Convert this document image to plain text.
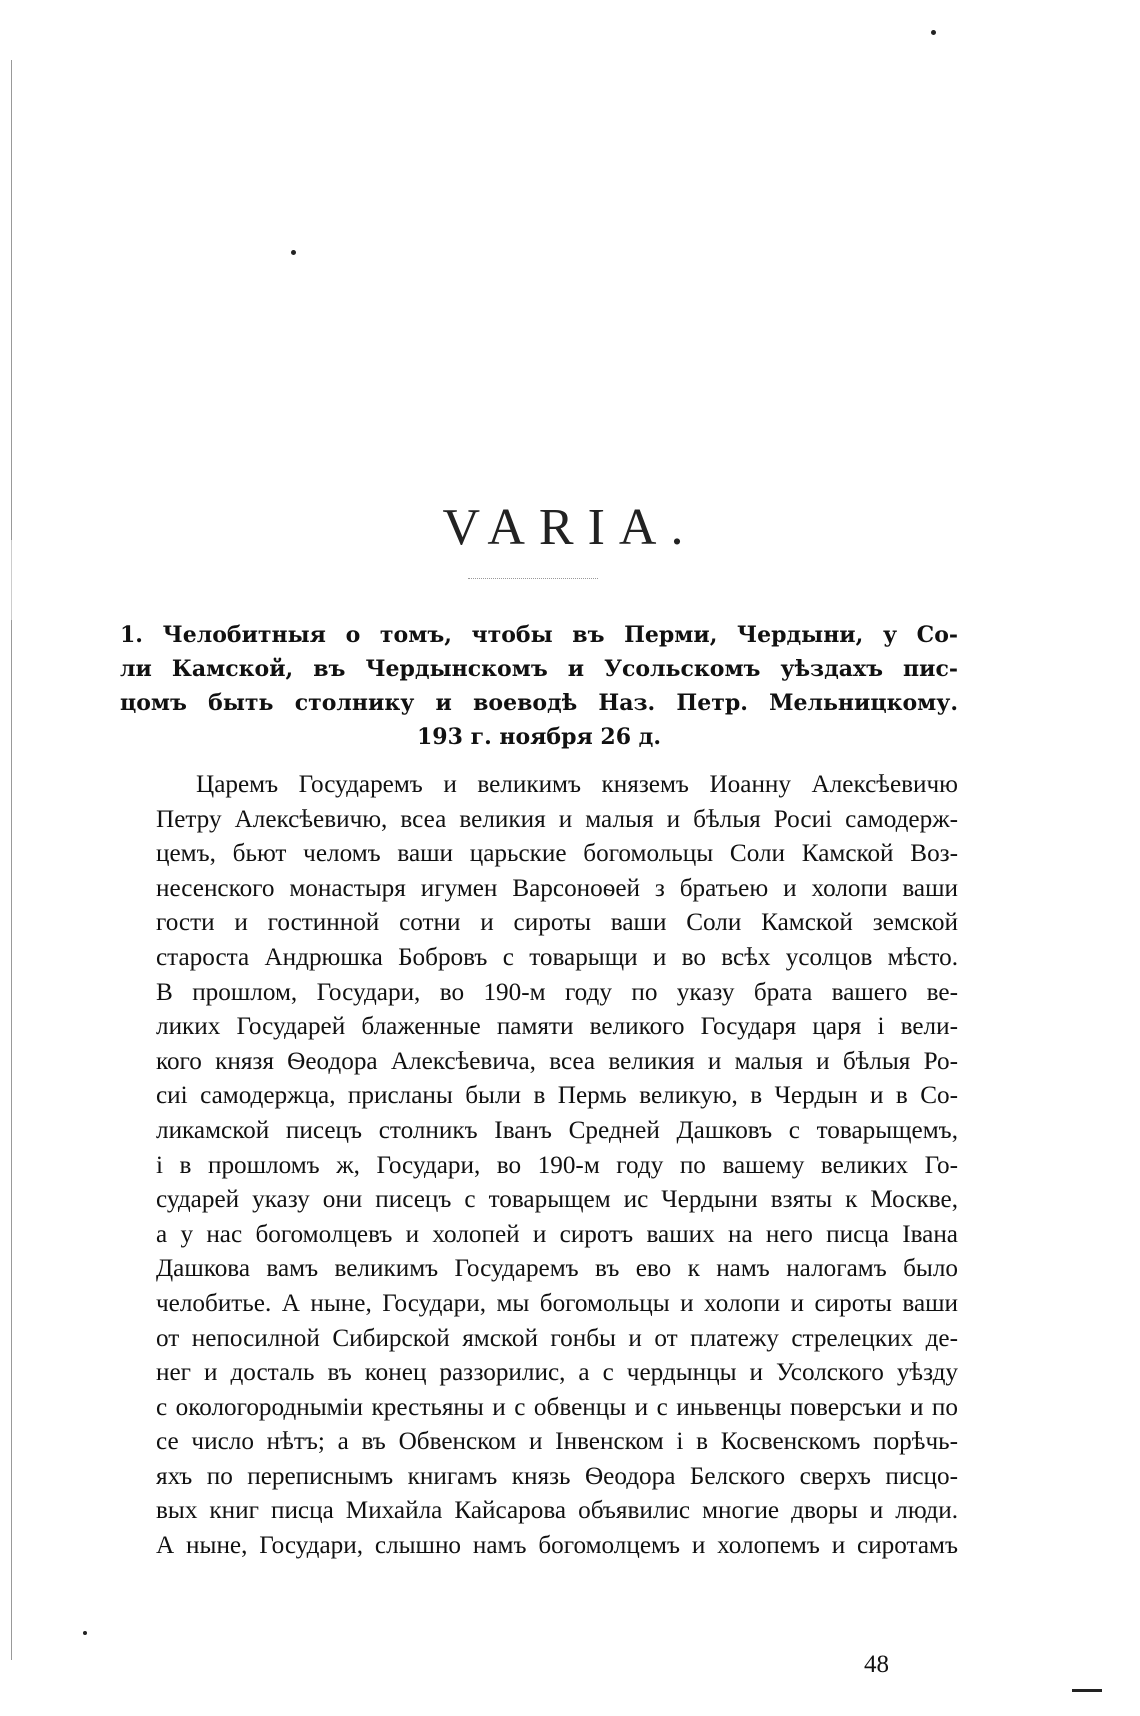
VARIA.
1. Челобитныя о томъ, чтобы въ Перми, Чердыни, у Со-
ли Камской, въ Чердынскомъ и Усольскомъ уѣздахъ пис-
цомъ быть столнику и воеводѣ Наз. Петр. Мельницкому.
193 г. ноября 26 д.
Царемъ Государемъ и великимъ княземъ Иоанну Алексѣевичю
Петру Алексѣевичю, всеа великия и малыя и бѣлыя Росиі самодерж-
цемъ, бьют челомъ ваши царьские богомольцы Соли Камской Воз-
несенского монастыря игумен Варсоноѳей з братьею и холопи ваши
гости и гостинной сотни и сироты ваши Соли Камской земской
староста Андрюшка Бобровъ с товарыщи и во всѣх усолцов мѣсто.
В прошлом, Государи, во 190-м году по указу брата вашего ве-
ликих Государей блаженные памяти великого Государя царя і вели-
кого князя Ѳеодора Алексѣевича, всеа великия и малыя и бѣлыя Ро-
сиі самодержца, присланы были в Пермь великую, в Чердын и в Со-
ликамской писецъ столникъ Іванъ Средней Дашковъ с товарыщемъ,
і в прошломъ ж, Государи, во 190-м году по вашему великих Го-
сударей указу они писецъ с товарыщем ис Чердыни взяты к Москве,
а у нас богомолцевъ и холопей и сиротъ ваших на него писца Івана
Дашкова вамъ великимъ Государемъ въ ево к намъ налогамъ было
челобитье. А ныне, Государи, мы богомольцы и холопи и сироты ваши
от непосилной Сибирской ямской гонбы и от платежу стрелецких де-
нег и досталь въ конец раззорилис, а с чердынцы и Усолского уѣзду
с окологородныміи крестьяны и с обвенцы и с иньвенцы поверсъки и по
се число нѣтъ; а въ Обвенском и Інвенском і в Косвенскомъ порѣчь-
яхъ по переписнымъ книгамъ князь Ѳеодора Белского сверхъ писцо-
вых книг писца Михайла Кайсарова объявилис многие дворы и люди.
А ныне, Государи, слышно намъ богомолцемъ и холопемъ и сиротамъ
48
